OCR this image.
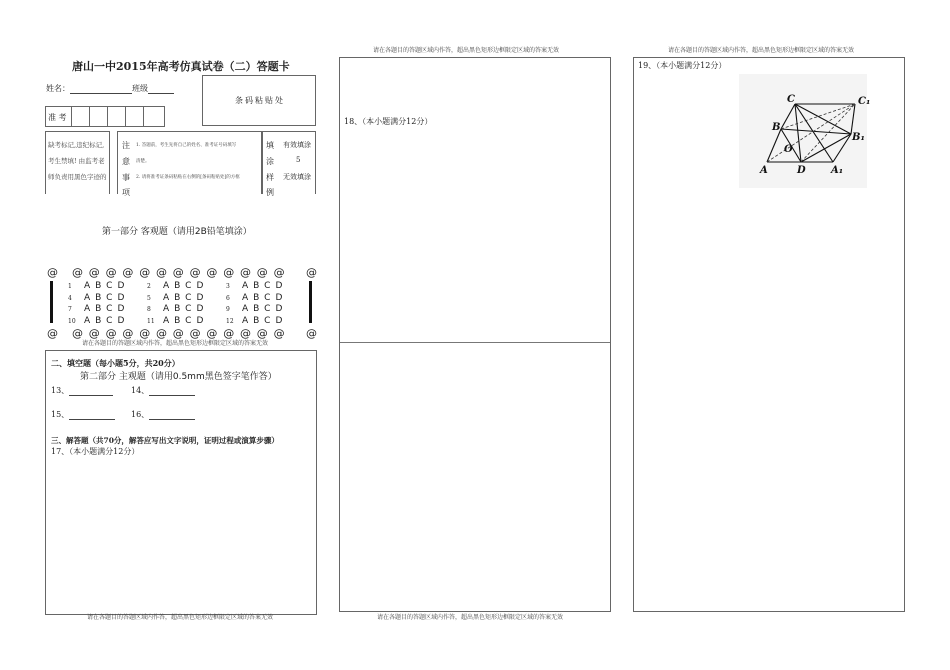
唐山一中2015年高考仿真试卷（二）答题卡
姓名：	班级
条码粘贴处
准 考
缺考标记,违纪标记,
考生禁填! 由监考老
师负责用黑色字迹的
注
意
事
项
1. 答题前，考生先将自己的姓名、准考证号码填写
清楚。
2. 请将准考证条码粘贴在右侧的[条码粘贴处]的方框
填
涂
样
例
有效填涂
5
无效填涂
第一部分 客观题（请用2B铅笔填涂）
@ @ @ @ @ @ @ @ @ @ @ @ @ @ @
@ @ @ @ @ @ @ @ @ @ @ @ @ @ @
1 ABCD	2 ABCD	3 ABCD
4 ABCD	5 ABCD	6 ABCD
7 ABCD	8 ABCD	9 ABCD
10 ABCD	11 ABCD	12 ABCD
请在各题目的答题区域内作答，超出黑色矩形边框限定区域的答案无效
二、填空题（每小题5分，共20分）
第二部分 主观题（请用0.5mm黑色签字笔作答）
13、	14、
15、	16、
三、解答题（共70分，解答应写出文字说明，证明过程或演算步骤）
17、（本小题满分12分）
请在各题目的答题区域内作答，超出黑色矩形边框限定区域的答案无效
请在各题目的答题区域内作答，超出黑色矩形边框限定区域的答案无效
18、（本小题满分12分）
请在各题目的答题区域内作答，超出黑色矩形边框限定区域的答案无效
请在各题目的答题区域内作答，超出黑色矩形边框限定区域的答案无效
19、（本小题满分12分）
C	C₁
B
B₁
O
A	D	A₁
